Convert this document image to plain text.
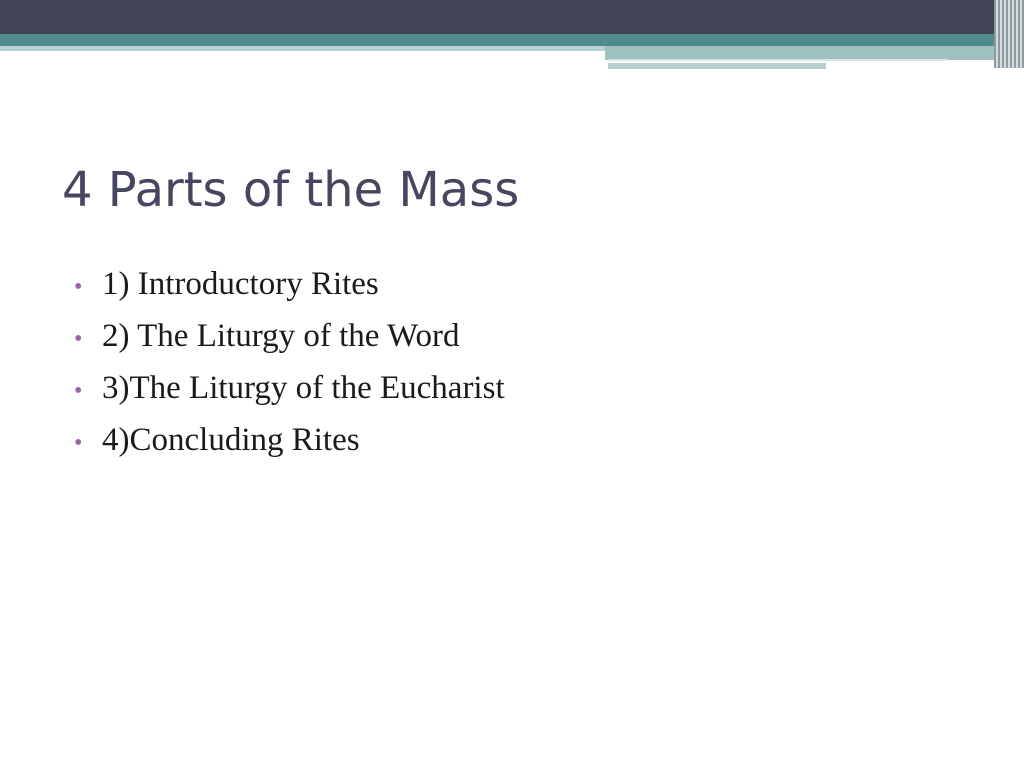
4 Parts of the Mass
• 1) Introductory Rites
• 2) The Liturgy of the Word
• 3)The Liturgy of the Eucharist
• 4)Concluding Rites
